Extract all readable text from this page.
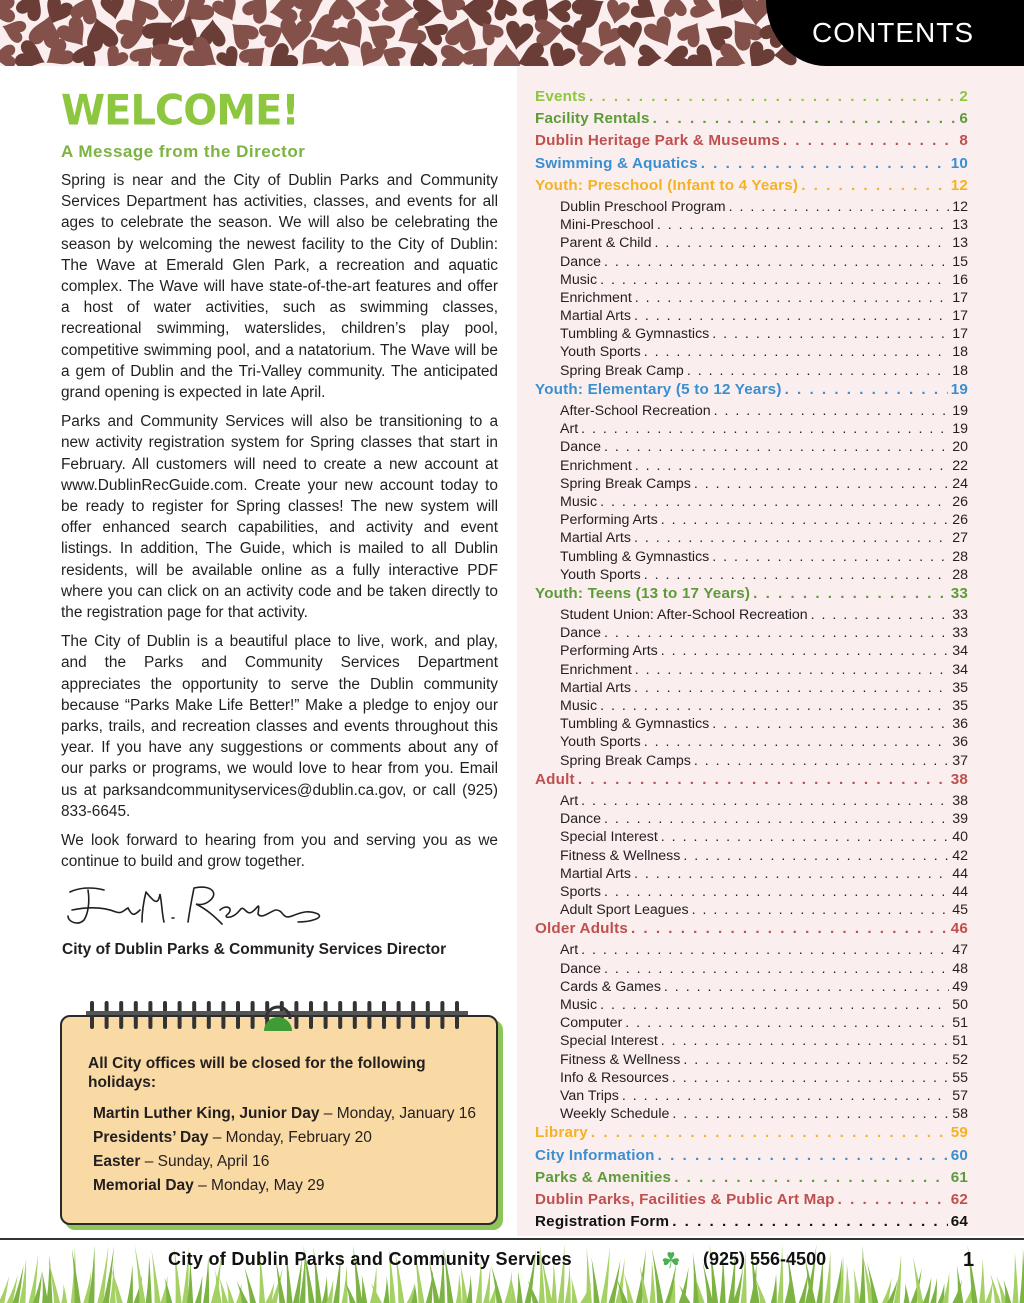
CONTENTS
WELCOME!
A Message from the Director

Spring is near and the City of Dublin Parks and Community Services Department has activities, classes, and events for all ages to celebrate the season. We will also be celebrating the season by welcoming the newest facility to the City of Dublin: The Wave at Emerald Glen Park, a recreation and aquatic complex. The Wave will have state-of-the-art features and offer a host of water activities, such as swimming classes, recreational swimming, waterslides, children’s play pool, competitive swimming pool, and a natatorium. The Wave will be a gem of Dublin and the Tri-Valley community. The anticipated grand opening is expected in late April.

Parks and Community Services will also be transitioning to a new activity registration system for Spring classes that start in February. All customers will need to create a new account at www.DublinRecGuide.com. Create your new account today to be ready to register for Spring classes! The new system will offer enhanced search capabilities, and activity and event listings. In addition, The Guide, which is mailed to all Dublin residents, will be available online as a fully interactive PDF where you can click on an activity code and be taken directly to the registration page for that activity.

The City of Dublin is a beautiful place to live, work, and play, and the Parks and Community Services Department appreciates the opportunity to serve the Dublin community because “Parks Make Life Better!” Make a pledge to enjoy our parks, trails, and recreation classes and events throughout this year. If you have any suggestions or comments about any of our parks or programs, we would love to hear from you. Email us at parksandcommunityservices@dublin.ca.gov, or call (925) 833-6645.

We look forward to hearing from you and serving you as we continue to build and grow together.

City of Dublin Parks & Community Services Director
All City offices will be closed for the following holidays:
Martin Luther King, Junior Day – Monday, January 16
Presidents’ Day – Monday, February 20
Easter – Sunday, April 16
Memorial Day – Monday, May 29
Events . . .	2
Facility Rentals . . .	6
Dublin Heritage Park & Museums . . .	8
Swimming & Aquatics . . .	10
Youth: Preschool (Infant to 4 Years) . . .	12
Dublin Preschool Program . . .	12
Mini-Preschool . . .	13
Parent & Child . . .	13
Dance . . .	15
Music . . .	16
Enrichment . . .	17
Martial Arts . . .	17
Tumbling & Gymnastics . . .	17
Youth Sports . . .	18
Spring Break Camp . . .	18
Youth: Elementary (5 to 12 Years) . . .	19
After-School Recreation . . .	19
Art . . .	19
Dance . . .	20
Enrichment . . .	22
Spring Break Camps . . .	24
Music . . .	26
Performing Arts . . .	26
Martial Arts . . .	27
Tumbling & Gymnastics . . .	28
Youth Sports . . .	28
Youth: Teens (13 to 17 Years) . . .	33
Student Union: After-School Recreation . . .	33
Dance . . .	33
Performing Arts . . .	34
Enrichment . . .	34
Martial Arts . . .	35
Music . . .	35
Tumbling & Gymnastics . . .	36
Youth Sports . . .	36
Spring Break Camps . . .	37
Adult . . .	38
Art . . .	38
Dance . . .	39
Special Interest . . .	40
Fitness & Wellness . . .	42
Martial Arts . . .	44
Sports . . .	44
Adult Sport Leagues . . .	45
Older Adults . . .	46
Art . . .	47
Dance . . .	48
Cards & Games . . .	49
Music . . .	50
Computer . . .	51
Special Interest . . .	51
Fitness & Wellness . . .	52
Info & Resources . . .	55
Van Trips . . .	57
Weekly Schedule . . .	58
Library . . .	59
City Information . . .	60
Parks & Amenities . . .	61
Dublin Parks, Facilities & Public Art Map . . .	62
Registration Form . . .	64
City of Dublin Parks and Community Services	☘ (925) 556-4500	1
